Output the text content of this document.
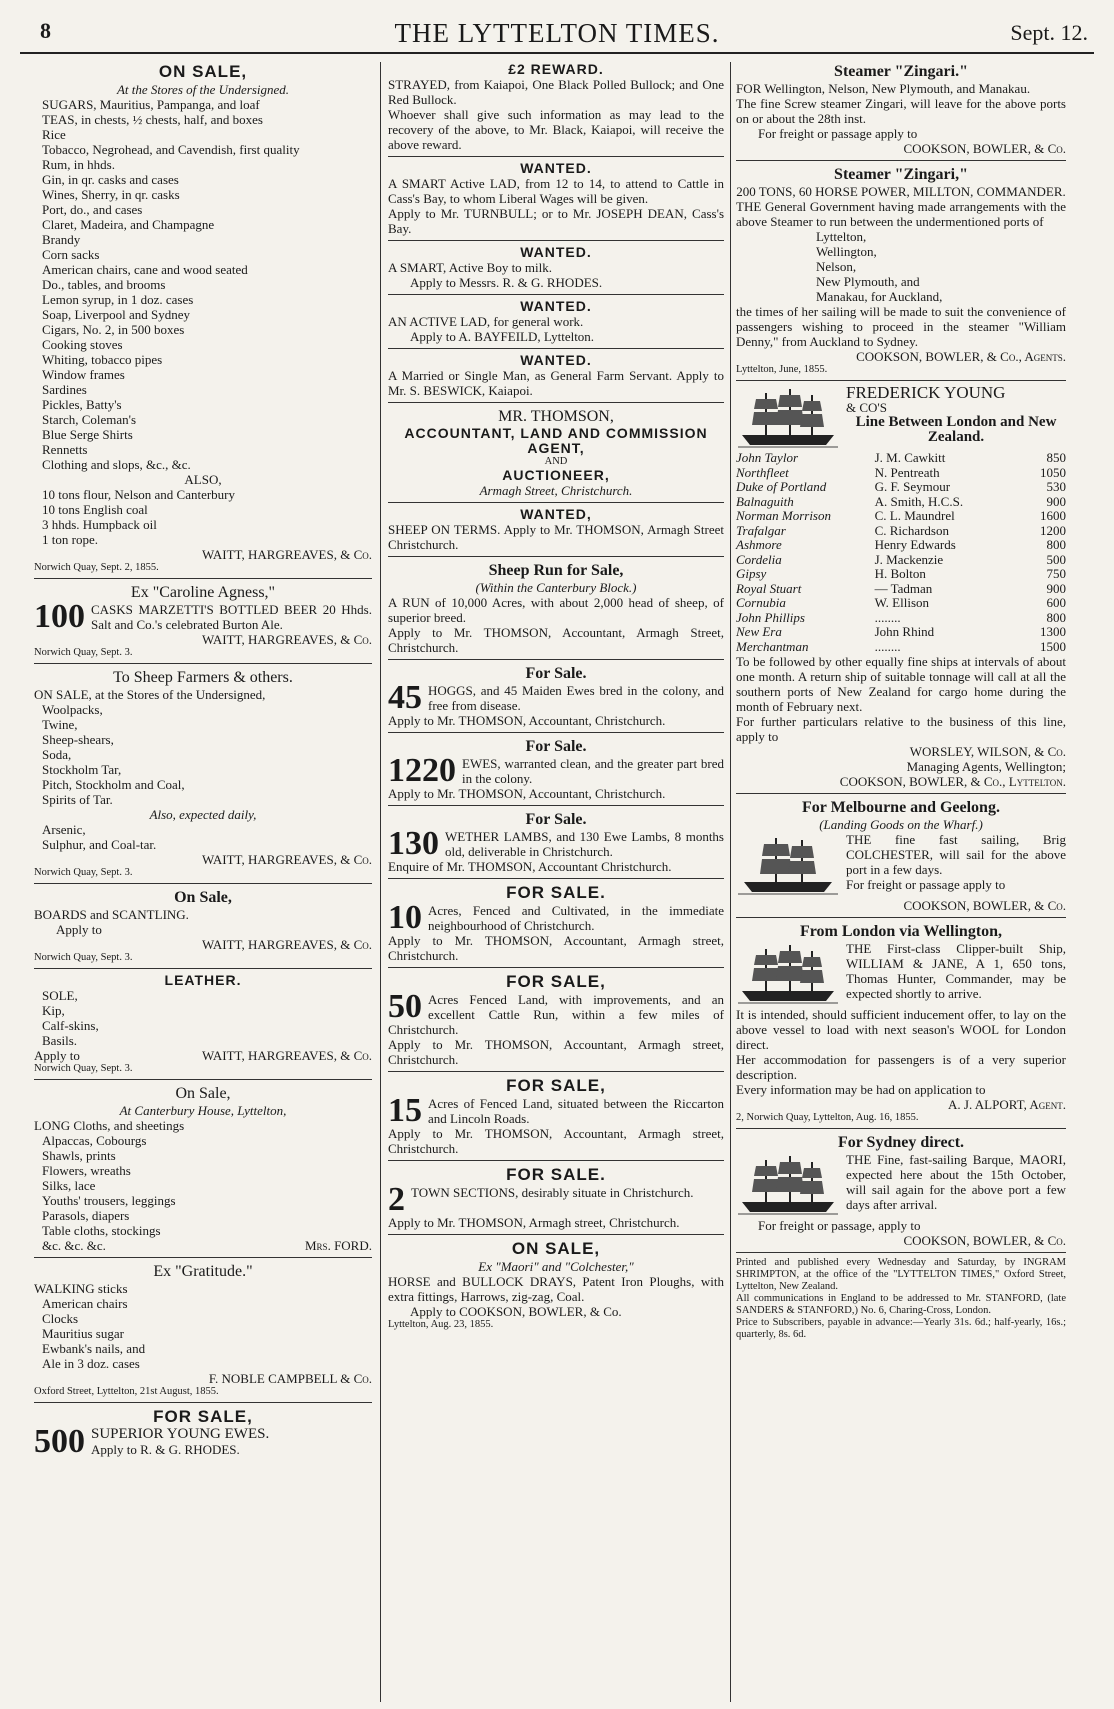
8	THE LYTTELTON TIMES.	Sept. 12.
ON SALE,
At the Stores of the Undersigned.
SUGARS, Mauritius, Pampanga, and loaf
TEAS, in chests, ½ chests, half, and boxes
Rice
Tobacco, Negrohead, and Cavendish, first quality
Rum, in hhds.
Gin, in qr. casks and cases
Wines, Sherry, in qr. casks
Port, do., and cases
Claret, Madeira, and Champagne
Brandy
Corn sacks
American chairs, cane and wood seated
Do., tables, and brooms
Lemon syrup, in 1 doz. cases
Soap, Liverpool and Sydney
Cigars, No. 2, in 500 boxes
Cooking stoves
Whiting, tobacco pipes
Window frames
Sardines
Pickles, Batty's
Starch, Coleman's
Blue Serge Shirts
Rennetts
Clothing and slops, &c., &c.
ALSO,
10 tons flour, Nelson and Canterbury
10 tons English coal
3 hhds. Humpback oil
1 ton rope.
WAITT, HARGREAVES, & Co.
Norwich Quay, Sept. 2, 1855.
Ex "Caroline Agness,"
100 CASKS MARZETTI'S BOTTLED BEER 20 Hhds. Salt and Co.'s celebrated Burton Ale.

WAITT, HARGREAVES, & Co.
Norwich Quay, Sept. 3.
To Sheep Farmers & others.

ON SALE, at the Stores of the Undersigned,

Woolpacks,
Twine,
Sheep-shears,
Soda,
Stockholm Tar,
Pitch, Stockholm and Coal,
Spirits of Tar.
Also, expected daily,
Arsenic,
Sulphur, and Coal-tar.
WAITT, HARGREAVES, & Co.
Norwich Quay, Sept. 3.
On Sale,

BOARDS and SCANTLING.

Apply to
WAITT, HARGREAVES, & Co.
Norwich Quay, Sept. 3.
LEATHER.
SOLE,
Kip,
Calf-skins,
Basils.
Apply to	WAITT, HARGREAVES, & Co.
Norwich Quay, Sept. 3.
On Sale,
At Canterbury House, Lyttelton,

LONG Cloths, and sheetings

Alpaccas, Cobourgs
Shawls, prints
Flowers, wreaths
Silks, lace
Youths' trousers, leggings
Parasols, diapers
Table cloths, stockings
&c. &c. &c.	Mrs. FORD.
Ex "Gratitude."

WALKING sticks

American chairs
Clocks
Mauritius sugar
Ewbank's nails, and
Ale in 3 doz. cases
F. NOBLE CAMPBELL & Co.
Oxford Street, Lyttelton, 21st August, 1855.
FOR SALE,
500 SUPERIOR YOUNG EWES.
Apply to R. & G. RHODES.
£2 REWARD.

STRAYED, from Kaiapoi, One Black Polled Bullock; and One Red Bullock.

Whoever shall give such information as may lead to the recovery of the above, to Mr. Black, Kaiapoi, will receive the above reward.

WANTED.

A SMART Active LAD, from 12 to 14, to attend to Cattle in Cass's Bay, to whom Liberal Wages will be given.

Apply to Mr. TURNBULL; or to Mr. JOSEPH DEAN, Cass's Bay.

WANTED.

A SMART, Active Boy to milk.

Apply to Messrs. R. & G. RHODES.

WANTED.

AN ACTIVE LAD, for general work.

Apply to A. BAYFEILD, Lyttelton.

WANTED.

A Married or Single Man, as General Farm Servant. Apply to Mr. S. BESWICK, Kaiapoi.

MR. THOMSON,
ACCOUNTANT, LAND AND COMMISSION AGENT,
AND
AUCTIONEER,
Armagh Street, Christchurch.
WANTED,

SHEEP ON TERMS. Apply to Mr. THOMSON, Armagh Street Christchurch.

Sheep Run for Sale,
(Within the Canterbury Block.)

A RUN of 10,000 Acres, with about 2,000 head of sheep, of superior breed.

Apply to Mr. THOMSON, Accountant, Armagh Street, Christchurch.

For Sale.
45 HOGGS, and 45 Maiden Ewes bred in the colony, and free from disease.

Apply to Mr. THOMSON, Accountant, Christchurch.

For Sale.
1220 EWES, warranted clean, and the greater part bred in the colony.

Apply to Mr. THOMSON, Accountant, Christchurch.

For Sale.
130 WETHER LAMBS, and 130 Ewe Lambs, 8 months old, deliverable in Christchurch.

Enquire of Mr. THOMSON, Accountant Christchurch.

FOR SALE.
10 Acres, Fenced and Cultivated, in the immediate neighbourhood of Christchurch.

Apply to Mr. THOMSON, Accountant, Armagh street, Christchurch.

FOR SALE,
50 Acres Fenced Land, with improvements, and an excellent Cattle Run, within a few miles of Christchurch.

Apply to Mr. THOMSON, Accountant, Armagh street, Christchurch.

FOR SALE,
15 Acres of Fenced Land, situated between the Riccarton and Lincoln Roads.

Apply to Mr. THOMSON, Accountant, Armagh street, Christchurch.

FOR SALE.
2 TOWN SECTIONS, desirably situate in Christchurch.

Apply to Mr. THOMSON, Armagh street, Christchurch.

ON SALE,
Ex "Maori" and "Colchester,"

HORSE and BULLOCK DRAYS, Patent Iron Ploughs, with extra fittings, Harrows, zig-zag, Coal.

Apply to COOKSON, BOWLER, & Co.

Lyttelton, Aug. 23, 1855.
Steamer "Zingari."

FOR Wellington, Nelson, New Plymouth, and Manakau.

The fine Screw steamer Zingari, will leave for the above ports on or about the 28th inst.

For freight or passage apply to

COOKSON, BOWLER, & Co.
Steamer "Zingari,"
200 TONS, 60 HORSE POWER, MILLTON, COMMANDER.

THE General Government having made arrangements with the above Steamer to run between the undermentioned ports of

Lyttelton,
Wellington,
Nelson,
New Plymouth, and
Manakau, for Auckland,

the times of her sailing will be made to suit the convenience of passengers wishing to proceed in the steamer "William Denny," from Auckland to Sydney.

COOKSON, BOWLER, & Co., Agents.
Lyttelton, June, 1855.
FREDERICK YOUNG
& CO'S
Line Between London and New Zealand.
John Taylor	J. M. Cawkitt	850
Northfleet	N. Pentreath	1050
Duke of Portland	G. F. Seymour	530
Balnaguith	A. Smith, H.C.S.	900
Norman Morrison	C. L. Maundrel	1600
Trafalgar	C. Richardson	1200
Ashmore	Henry Edwards	800
Cordelia	J. Mackenzie	500
Gipsy	H. Bolton	750
Royal Stuart	— Tadman	900
Cornubia	W. Ellison	600
John Phillips	........	800
New Era	John Rhind	1300
Merchantman	........	1500

To be followed by other equally fine ships at intervals of about one month. A return ship of suitable tonnage will call at all the southern ports of New Zealand for cargo home during the month of February next.

For further particulars relative to the business of this line, apply to

WORSLEY, WILSON, & Co.
Managing Agents, Wellington;
COOKSON, BOWLER, & Co., Lyttelton.
For Melbourne and Geelong.
(Landing Goods on the Wharf.)

THE fine fast sailing, Brig COLCHESTER, will sail for the above port in a few days.

For freight or passage apply to

COOKSON, BOWLER, & Co.
From London via Wellington,

THE First-class Clipper-built Ship, WILLIAM & JANE, A 1, 650 tons, Thomas Hunter, Commander, may be expected shortly to arrive.

It is intended, should sufficient inducement offer, to lay on the above vessel to load with next season's WOOL for London direct.

Her accommodation for passengers is of a very superior description.

Every information may be had on application to

A. J. ALPORT, Agent.
2, Norwich Quay, Lyttelton, Aug. 16, 1855.
For Sydney direct.

THE Fine, fast-sailing Barque, MAORI, expected here about the 15th October, will sail again for the above port a few days after arrival.

For freight or passage, apply to

COOKSON, BOWLER, & Co.

Printed and published every Wednesday and Saturday, by INGRAM SHRIMPTON, at the office of the "LYTTELTON TIMES," Oxford Street, Lyttelton, New Zealand.

All communications in England to be addressed to Mr. STANFORD, (late SANDERS & STANFORD,) No. 6, Charing-Cross, London.

Price to Subscribers, payable in advance:—Yearly 31s. 6d.; half-yearly, 16s.; quarterly, 8s. 6d.
